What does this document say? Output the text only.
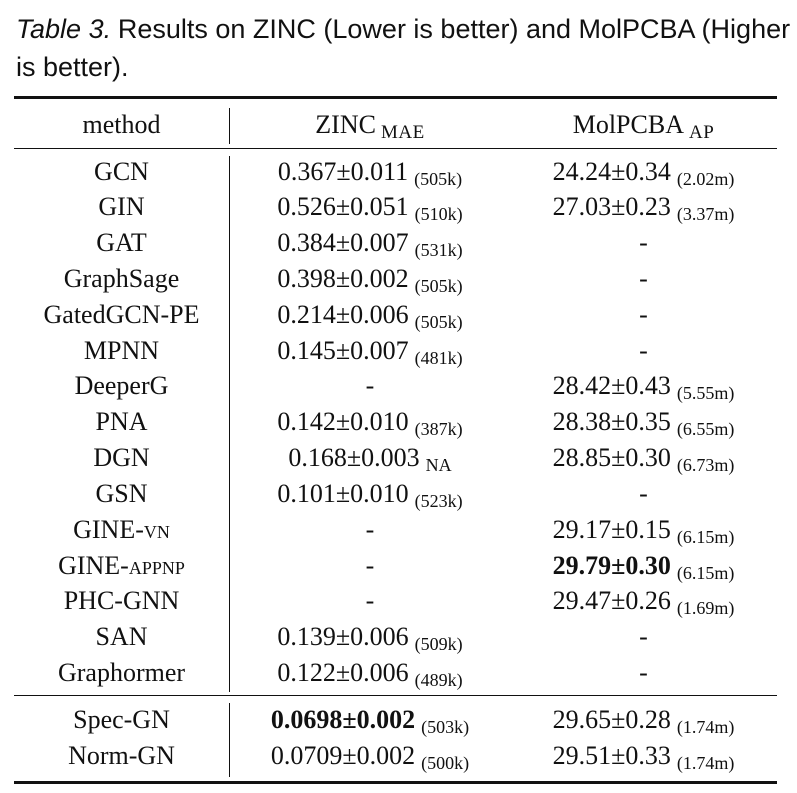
Table 3. Results on ZINC (Lower is better) and MolPCBA (Higher is better).
method	ZINC MAE	MolPCBA AP
GCN	0.367±0.011 (505k)	24.24±0.34 (2.02m)
GIN	0.526±0.051 (510k)	27.03±0.23 (3.37m)
GAT	0.384±0.007 (531k)	-
GraphSage	0.398±0.002 (505k)	-
GatedGCN-PE	0.214±0.006 (505k)	-
MPNN	0.145±0.007 (481k)	-
DeeperG	-	28.42±0.43 (5.55m)
PNA	0.142±0.010 (387k)	28.38±0.35 (6.55m)
DGN	0.168±0.003 NA	28.85±0.30 (6.73m)
GSN	0.101±0.010 (523k)	-
GINE-vn	-	29.17±0.15 (6.15m)
GINE-appnp	-	29.79±0.30 (6.15m)
PHC-GNN	-	29.47±0.26 (1.69m)
SAN	0.139±0.006 (509k)	-
Graphormer	0.122±0.006 (489k)	-
Spec-GN	0.0698±0.002 (503k)	29.65±0.28 (1.74m)
Norm-GN	0.0709±0.002 (500k)	29.51±0.33 (1.74m)
